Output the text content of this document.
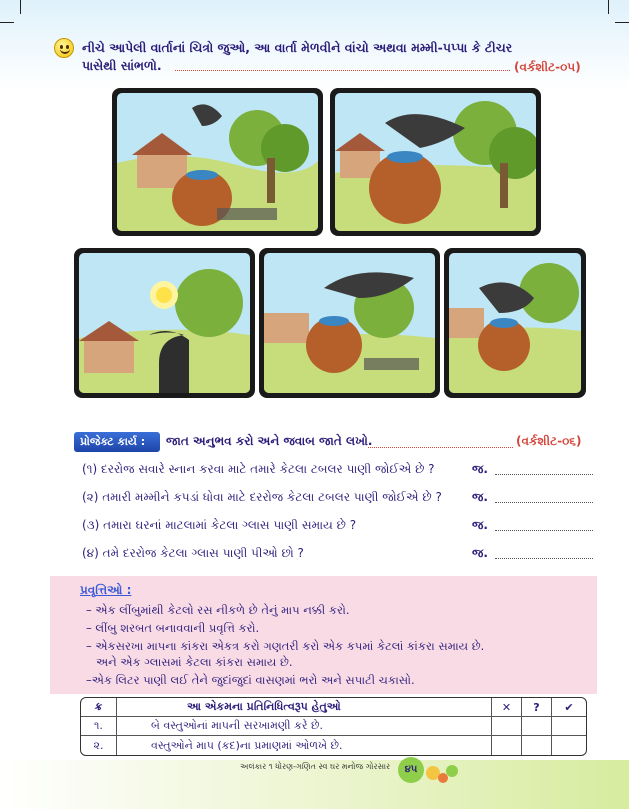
નીચે આપેલી વાર્તાનાં ચિત્રો જુઓ, આ વાર્તા મેળવીને વાંચો અથવા મમ્મી-પપ્પા કે ટીચર
પાસેથી સાંભળો.	(વર્કશીટ-૦૫)
પ્રોજેક્ટ કાર્ય :	જાત અનુભવ કરો અને જવાબ જાતે લખો.	(વર્કશીટ-૦૬)
(૧) દરરોજ સવારે સ્નાન કરવા માટે તમારે કેટલા ટબલર પાણી જોઈએ છે ?	જ.
(૨) તમારી મમ્મીને કપડાં ધોવા માટે દરરોજ કેટલા ટબલર પાણી જોઈએ છે ?	જ.
(૩) તમારા ઘરનાં માટલામાં કેટલા ગ્લાસ પાણી સમાય છે ?	જ.
(૪) તમે દરરોજ કેટલા ગ્લાસ પાણી પીઓ છો ?	જ.
પ્રવૃત્તિઓ :
– એક લીંબુમાંથી કેટલો રસ નીકળે છે તેનું માપ નક્કી કરો.
– લીંબુ શરબત બનાવવાની પ્રવૃત્તિ કરો.
– એકસરખા માપના કાંકરા એકત્ર કરો ગણતરી કરો એક કપમાં કેટલાં કાંકરા સમાય છે.
અને એક ગ્લાસમાં કેટલા કાંકરા સમાય છે.
–એક લિટર પાણી લઈ તેને જુદાંજુદાં વાસણમાં ભરો અને સપાટી ચકાસો.
ક્ર	આ એકમના પ્રતિનિધિત્વરૂપ હેતુઓ	✕	?	✔
૧.	બે વસ્તુઓનાં માપની સરખામણી કરે છે.			
૨.	વસ્તુઓને માપ (કદ)ના પ્રમાણમાં ઓળખે છે.			
અલંકાર ૧ ધોરણ-ગણિત સ્વ ઘર મનોજ ગોરસાર	૪૫
